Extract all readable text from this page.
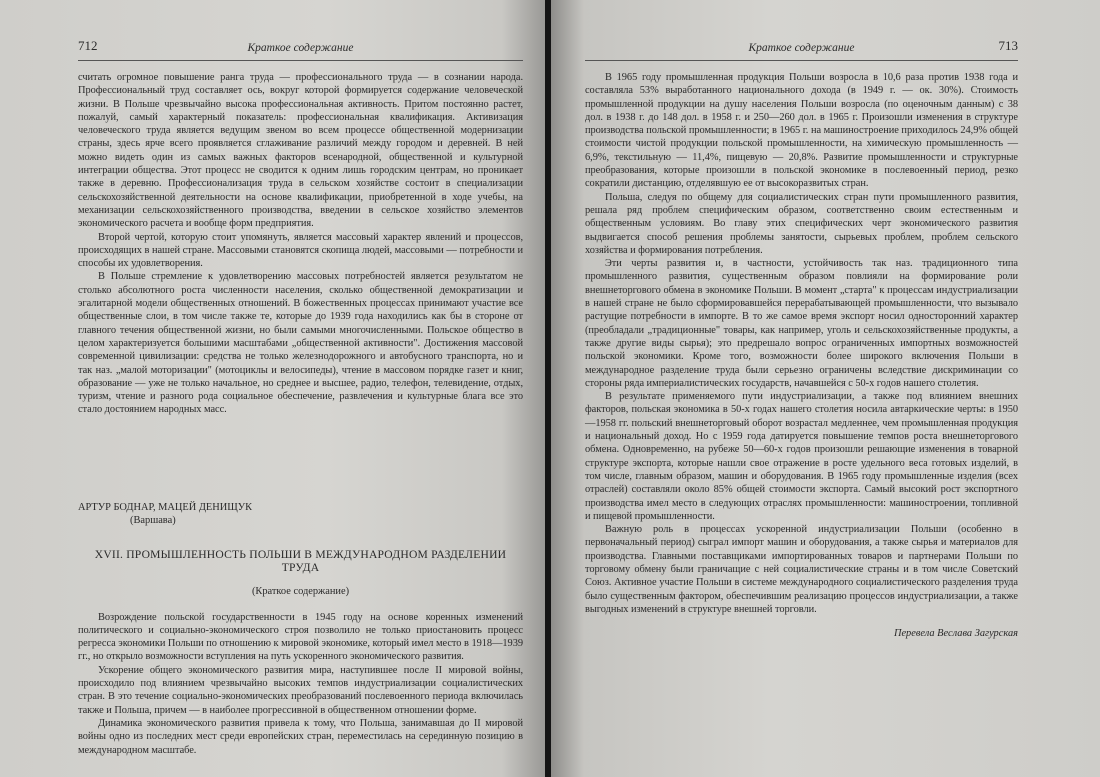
712	Краткое содержание

считать огромное повышение ранга труда — профессионального труда — в сознании народа. Профессиональный труд составляет ось, вокруг которой формируется содержание человеческой жизни. В Польше чрезвычайно высока профессиональная активность. Притом постоянно растет, пожалуй, самый характерный показатель: профессиональная квалификация. Активизация человеческого труда является ведущим звеном во всем процессе общественной модернизации страны, здесь ярче всего проявляется сглаживание различий между городом и деревней. В ней можно видеть один из самых важных факторов всенародной, общественной и культурной интеграции общества. Этот процесс не сводится к одним лишь городским центрам, но проникает также в деревню. Профессионализация труда в сельском хозяйстве состоит в специализации сельскохозяйственной деятельности на основе квалификации, приобретенной в ходе учебы, на механизации сельскохозяйственного производства, введении в сельское хозяйство элементов экономического расчета и вообще форм предприятия.

Второй чертой, которую стоит упомянуть, является массовый характер явлений и процессов, происходящих в нашей стране. Массовыми становятся скопища людей, массовыми — потребности и способы их удовлетворения.

В Польше стремление к удовлетворению массовых потребностей является результатом не столько абсолютного роста численности населения, сколько общественной демократизации и эгалитарной модели общественных отношений. В божественных процессах принимают участие все общественные слои, в том числе также те, которые до 1939 года находились как бы в стороне от главного течения общественной жизни, но были самыми многочисленными. Польское общество в целом характеризуется большими масштабами „общественной активности". Достижения массовой современной цивилизации: средства не только железнодорожного и автобусного транспорта, но и так наз. „малой моторизации" (мотоциклы и велосипеды), чтение в массовом порядке газет и книг, образование — уже не только начальное, но среднее и высшее, радио, телефон, телевидение, отдых, туризм, чтение и разного рода социальное обеспечение, развлечения и культурные блага все это стало достоянием народных масс.

АРТУР БОДНАР, МАЦЕЙ ДЕНИЩУК
(Варшава)
XVII. ПРОМЫШЛЕННОСТЬ ПОЛЬШИ В МЕЖДУНАРОДНОМ РАЗДЕЛЕНИИ ТРУДА
(Краткое содержание)

Возрождение польской государственности в 1945 году на основе коренных изменений политического и социально-экономического строя позволило не только приостановить процесс регресса экономики Польши по отношению к мировой экономике, который имел место в 1918—1939 гг., но открыло возможности вступления на путь ускоренного экономического развития.

Ускорение общего экономического развития мира, наступившее после II мировой войны, происходило под влиянием чрезвычайно высоких темпов индустриализации социалистических стран. В это течение социально-экономических преобразований послевоенного периода включилась также и Польша, причем — в наиболее прогрессивной в общественном отношении форме.

Динамика экономического развития привела к тому, что Польша, занимавшая до II мировой войны одно из последних мест среди европейских стран, переместилась на серединную позицию в международном масштабе.

Краткое содержание	713

В 1965 году промышленная продукция Польши возросла в 10,6 раза против 1938 года и составляла 53% выработанного национального дохода (в 1949 г. — ок. 30%). Стоимость промышленной продукции на душу населения Польши возросла (по оценочным данным) с 38 дол. в 1938 г. до 148 дол. в 1958 г. и 250—260 дол. в 1965 г. Произошли изменения в структуре производства польской промышленности; в 1965 г. на машиностроение приходилось 24,9% общей стоимости чистой продукции польской промышленности, на химическую промышленность — 6,9%, текстильную — 11,4%, пищевую — 20,8%. Развитие промышленности и структурные преобразования, которые произошли в польской экономике в послевоенный период, резко сократили дистанцию, отделявшую ее от высокоразвитых стран.

Польша, следуя по общему для социалистических стран пути промышленного развития, решала ряд проблем специфическим образом, соответственно своим естественным и общественным условиям. Во главу этих специфических черт экономического развития выдвигается способ решения проблемы занятости, сырьевых проблем, проблем сельского хозяйства и формирования потребления.

Эти черты развития и, в частности, устойчивость так наз. традиционного типа промышленного развития, существенным образом повлияли на формирование роли внешнеторгового обмена в экономике Польши. В момент „старта" к процессам индустриализации в нашей стране не было сформировавшейся перерабатывающей промышленности, что вызывало растущие потребности в импорте. В то же самое время экспорт носил односторонний характер (преобладали „традиционные" товары, как например, уголь и сельскохозяйственные продукты, а также другие виды сырья); это предрешало вопрос ограниченных импортных возможностей польской экономики. Кроме того, возможности более широкого включения Польши в международное разделение труда были серьезно ограничены вследствие дискриминации со стороны ряда империалистических государств, начавшейся с 50-х годов нашего столетия.

В результате применяемого пути индустриализации, а также под влиянием внешних факторов, польская экономика в 50-х годах нашего столетия носила автаркические черты: в 1950—1958 гг. польский внешнеторговый оборот возрастал медленнее, чем промышленная продукция и национальный доход. Но с 1959 года датируется повышение темпов роста внешнеторгового обмена. Одновременно, на рубеже 50—60-х годов произошли решающие изменения в товарной структуре экспорта, которые нашли свое отражение в росте удельного веса готовых изделий, в том числе, главным образом, машин и оборудования. В 1965 году промышленные изделия (всех отраслей) составляли около 85% общей стоимости экспорта. Самый высокий рост экспортного производства имел место в следующих отраслях промышленности: машиностроении, топливной и пищевой промышленности.

Важную роль в процессах ускоренной индустриализации Польши (особенно в первоначальный период) сыграл импорт машин и оборудования, а также сырья и материалов для производства. Главными поставщиками импортированных товаров и партнерами Польши по торговому обмену были граничащие с ней социалистические страны и в том числе Советский Союз. Активное участие Польши в системе международного социалистического разделения труда было существенным фактором, обеспечившим реализацию процессов индустриализации, а также выгодных изменений в структуре внешней торговли.

Перевела Веслава Загурская
